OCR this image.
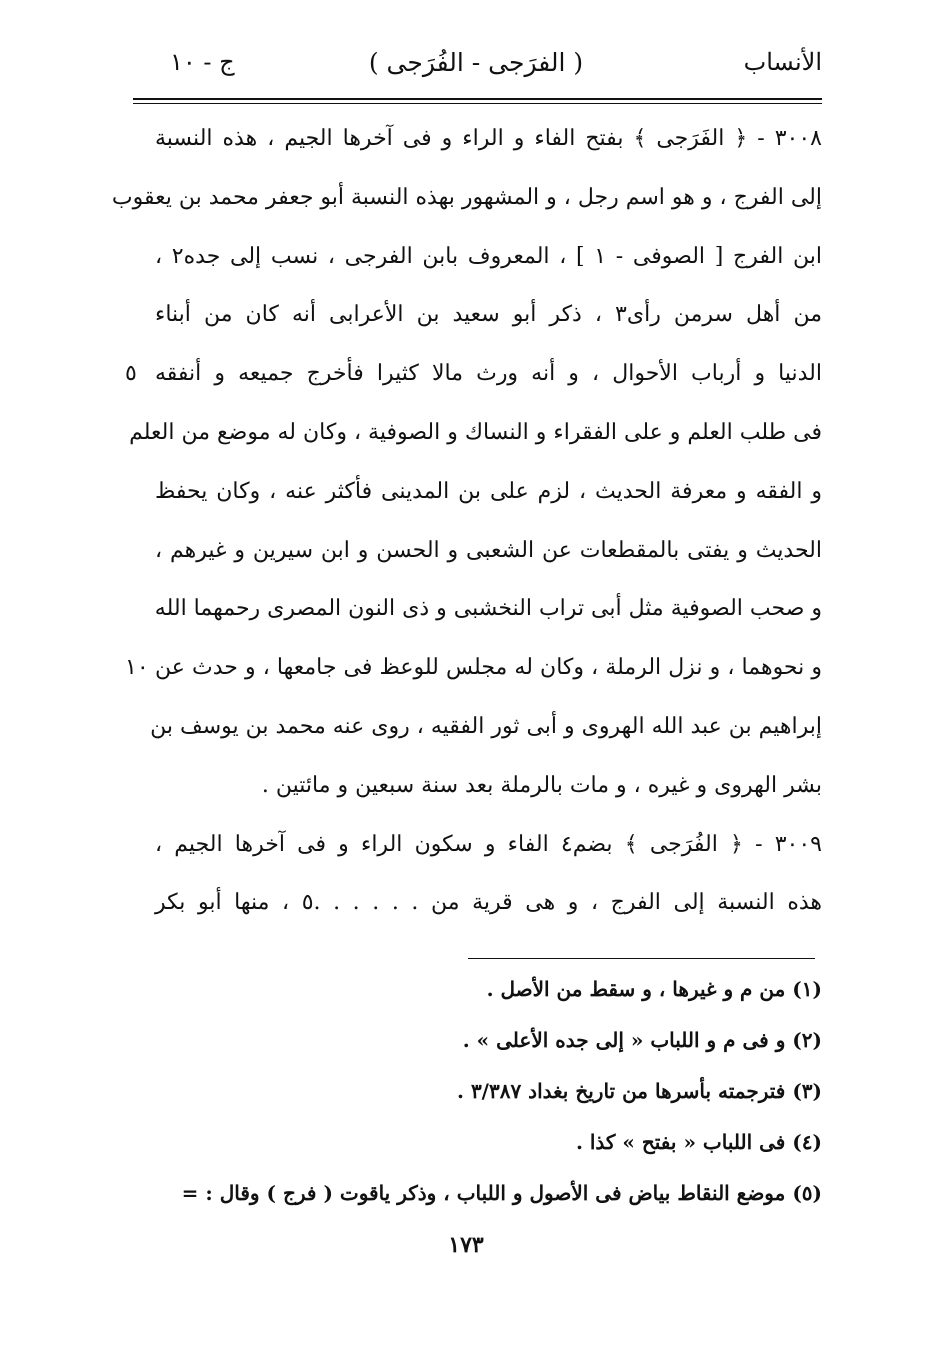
الأنساب
( الفرَجى - الفُرَجى )
ج - ١٠
٣٠٠٨ - ﴿ الفَرَجى ﴾ بفتح الفاء و الراء و فى آخرها الجيم ، هذه النسبة
إلى الفرج ، و هو اسم رجل ، و المشهور بهذه النسبة أبو جعفر محمد بن يعقوب
ابن الفرج [ الصوفى - ١ ] ، المعروف بابن الفرجى ، نسب إلى جده٢ ،
من أهل سرمن رأى٣ ، ذكر أبو سعيد بن الأعرابى أنه كان من أبناء
الدنيا و أرباب الأحوال ، و أنه ورث مالا كثيرا فأخرج جميعه و أنفقه
٥
فى طلب العلم و على الفقراء و النساك و الصوفية ، وكان له موضع من العلم
و الفقه و معرفة الحديث ، لزم على بن المدينى فأكثر عنه ، وكان يحفظ
الحديث و يفتى بالمقطعات عن الشعبى و الحسن و ابن سيرين و غيرهم ،
و صحب الصوفية مثل أبى تراب النخشبى و ذى النون المصرى رحمهما الله
و نحوهما ، و نزل الرملة ، وكان له مجلس للوعظ فى جامعها ، و حدث عن
١٠
إبراهيم بن عبد الله الهروى و أبى ثور الفقيه ، روى عنه محمد بن يوسف بن
بشر الهروى و غيره ، و مات بالرملة بعد سنة سبعين و مائتين .
٣٠٠٩ - ﴿ الفُرَجى ﴾ بضم٤ الفاء و سكون الراء و فى آخرها الجيم ،
هذه النسبة إلى الفرج ، و هى قرية من . . . . . .٥ ، منها أبو بكر
(١) من م و غيرها ، و سقط من الأصل .
(٢) و فى م و اللباب « إلى جده الأعلى » .
(٣) فترجمته بأسرها من تاريخ بغداد ٣/٣٨٧ .
(٤) فى اللباب « بفتح » كذا .
(٥) موضع النقاط بياض فى الأصول و اللباب ، وذكر ياقوت ( فرج ) وقال : =
١٧٣
